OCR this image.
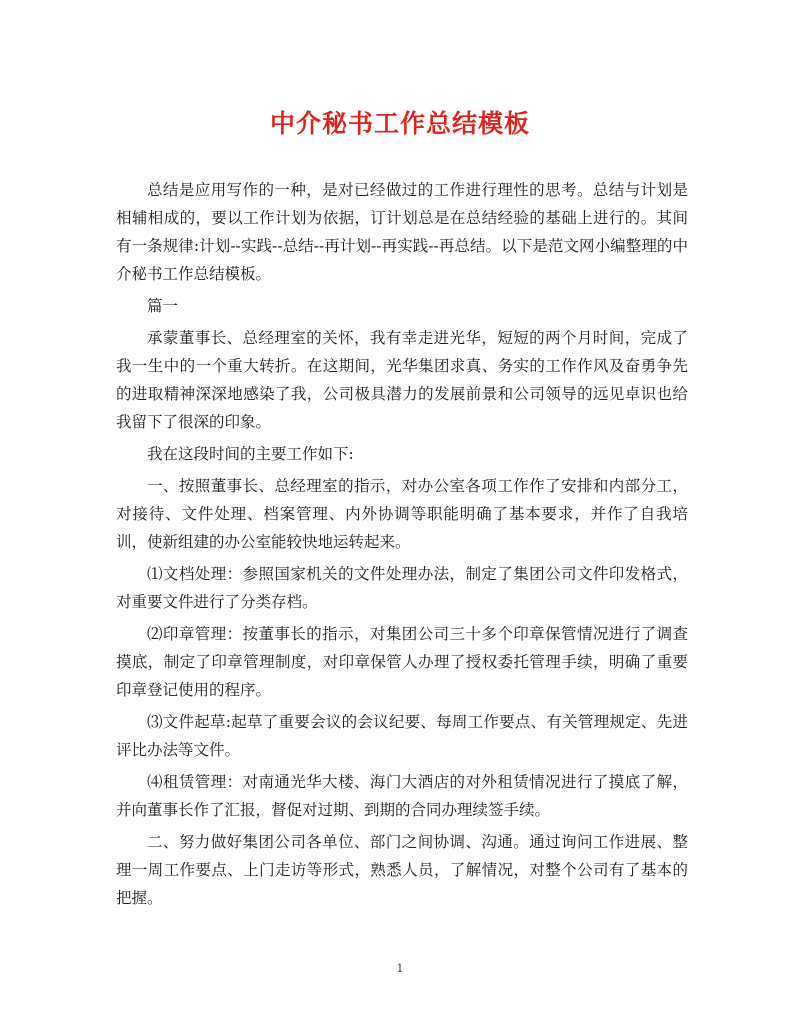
中介秘书工作总结模板

总结是应用写作的一种，是对已经做过的工作进行理性的思考。总结与计划是相辅相成的，要以工作计划为依据，订计划总是在总结经验的基础上进行的。其间有一条规律:计划--实践--总结--再计划--再实践--再总结。以下是范文网小编整理的中介秘书工作总结模板。

篇一

承蒙董事长、总经理室的关怀，我有幸走进光华，短短的两个月时间，完成了我一生中的一个重大转折。在这期间，光华集团求真、务实的工作作风及奋勇争先的进取精神深深地感染了我，公司极具潜力的发展前景和公司领导的远见卓识也给我留下了很深的印象。

我在这段时间的主要工作如下:

一、按照董事长、总经理室的指示，对办公室各项工作作了安排和内部分工，对接待、文件处理、档案管理、内外协调等职能明确了基本要求，并作了自我培训，使新组建的办公室能较快地运转起来。

⑴文档处理：参照国家机关的文件处理办法，制定了集团公司文件印发格式，对重要文件进行了分类存档。

⑵印章管理：按董事长的指示，对集团公司三十多个印章保管情况进行了调查摸底，制定了印章管理制度，对印章保管人办理了授权委托管理手续，明确了重要印章登记使用的程序。

⑶文件起草:起草了重要会议的会议纪要、每周工作要点、有关管理规定、先进评比办法等文件。

⑷租赁管理：对南通光华大楼、海门大酒店的对外租赁情况进行了摸底了解，并向董事长作了汇报，督促对过期、到期的合同办理续签手续。

二、努力做好集团公司各单位、部门之间协调、沟通。通过询问工作进展、整理一周工作要点、上门走访等形式，熟悉人员，了解情况，对整个公司有了基本的把握。

1
